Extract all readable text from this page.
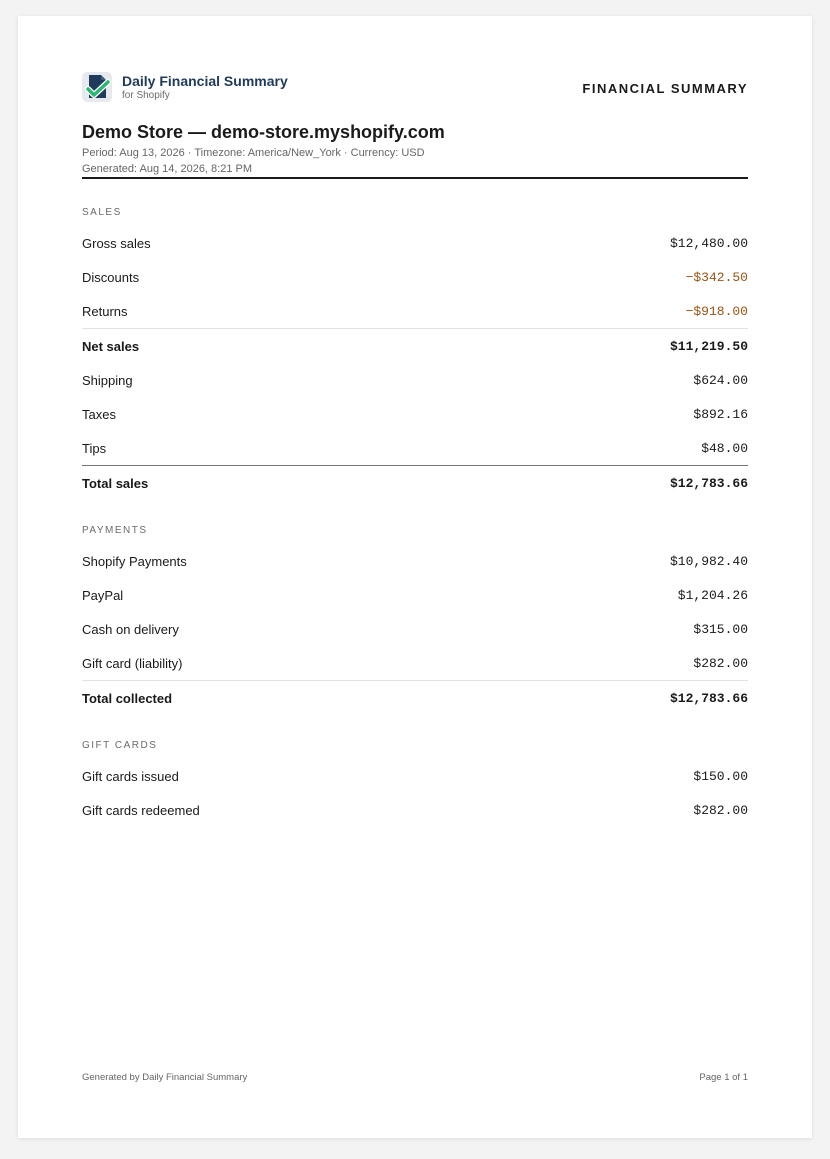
Daily Financial Summary
for Shopify	FINANCIAL SUMMARY
Demo Store — demo-store.myshopify.com
Period: Aug 13, 2026 · Timezone: America/New_York · Currency: USD
Generated: Aug 14, 2026, 8:21 PM
SALES
Gross sales	$12,480.00
Discounts	−$342.50
Returns	−$918.00
Net sales	$11,219.50
Shipping	$624.00
Taxes	$892.16
Tips	$48.00
Total sales	$12,783.66
PAYMENTS
Shopify Payments	$10,982.40
PayPal	$1,204.26
Cash on delivery	$315.00
Gift card (liability)	$282.00
Total collected	$12,783.66
GIFT CARDS
Gift cards issued	$150.00
Gift cards redeemed	$282.00
Generated by Daily Financial Summary	Page 1 of 1
